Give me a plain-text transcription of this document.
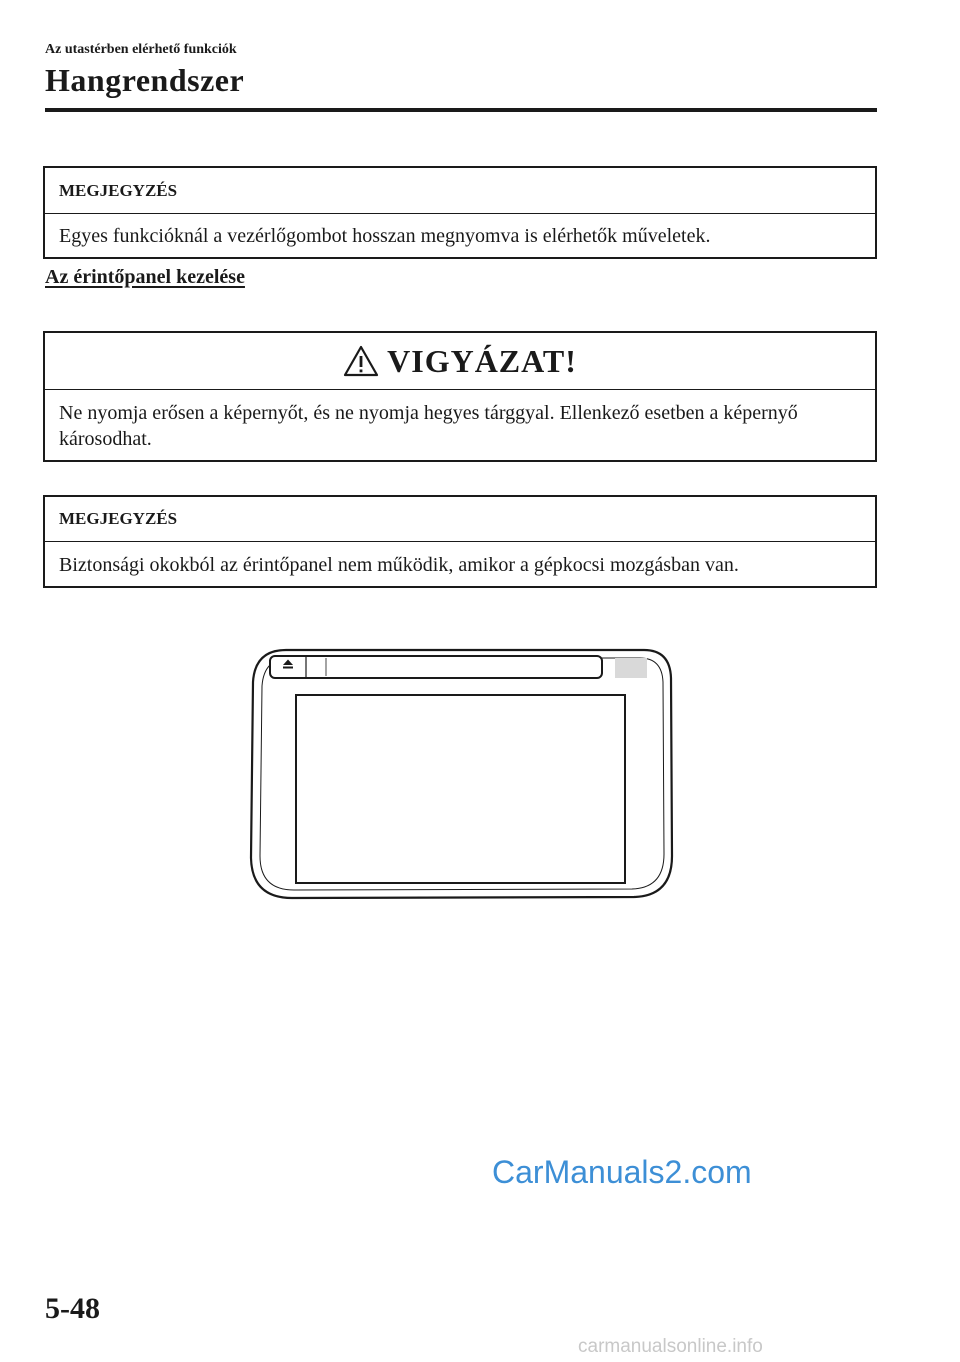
Az utastérben elérhető funkciók
Hangrendszer
MEGJEGYZÉS
Egyes funkcióknál a vezérlőgombot hosszan megnyomva is elérhetők műveletek.
Az érintőpanel kezelése
VIGYÁZAT!
Ne nyomja erősen a képernyőt, és ne nyomja hegyes tárggyal. Ellenkező esetben a képernyő károsodhat.
MEGJEGYZÉS
Biztonsági okokból az érintőpanel nem működik, amikor a gépkocsi mozgásban van.
CarManuals2.com
5-48
carmanualsonline.info
